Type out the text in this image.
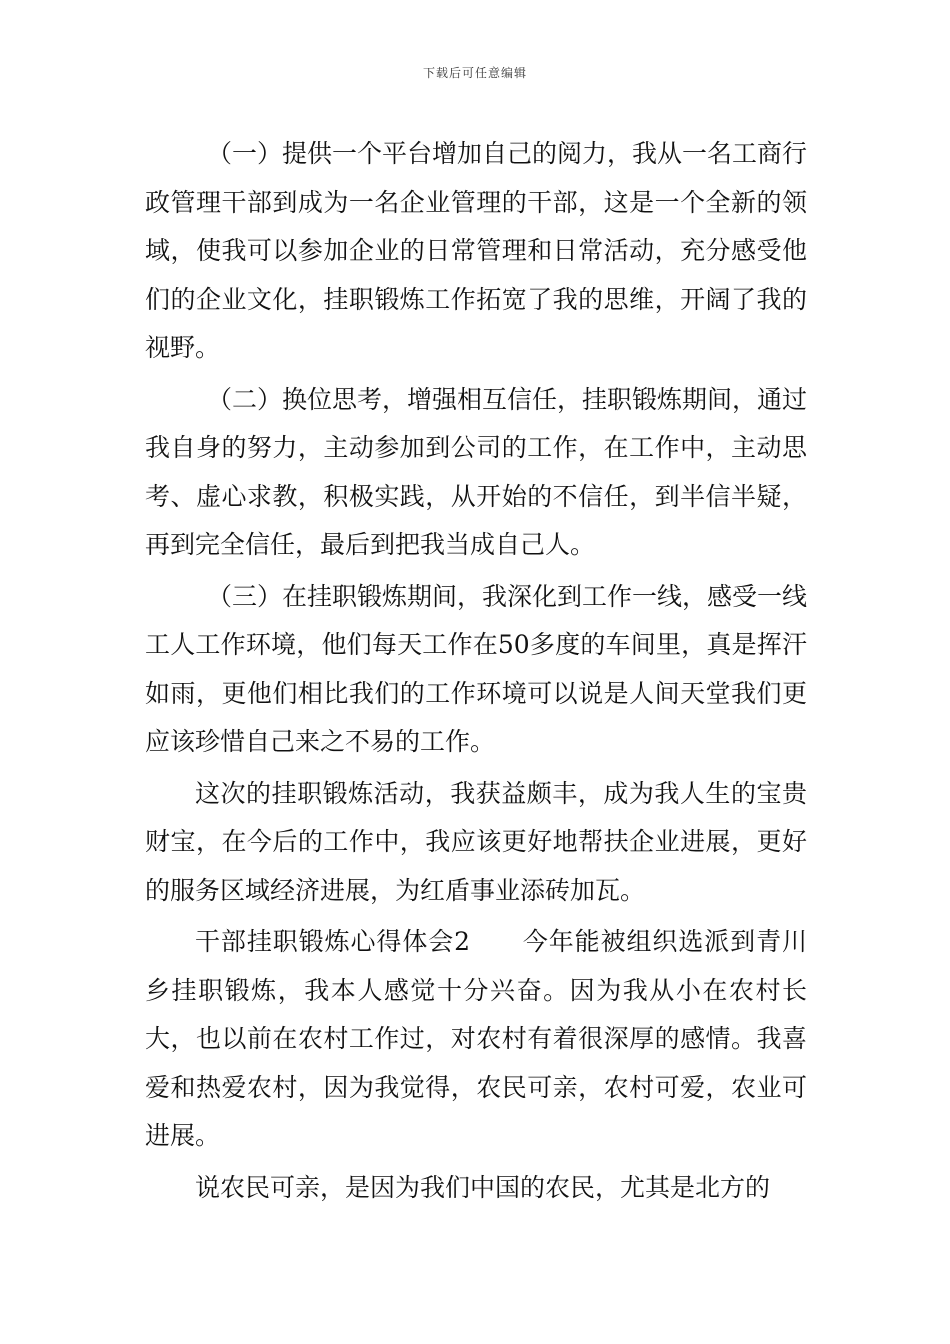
下载后可任意编辑

（一）提供一个平台增加自己的阅力，我从一名工商行政管理干部到成为一名企业管理的干部，这是一个全新的领域，使我可以参加企业的日常管理和日常活动，充分感受他们的企业文化，挂职锻炼工作拓宽了我的思维，开阔了我的视野。

（二）换位思考，增强相互信任，挂职锻炼期间，通过我自身的努力，主动参加到公司的工作，在工作中，主动思考、虚心求教，积极实践，从开始的不信任，到半信半疑，再到完全信任，最后到把我当成自己人。

（三）在挂职锻炼期间，我深化到工作一线，感受一线工人工作环境，他们每天工作在50多度的车间里，真是挥汗如雨，更他们相比我们的工作环境可以说是人间天堂我们更应该珍惜自己来之不易的工作。

这次的挂职锻炼活动，我获益颇丰，成为我人生的宝贵财宝，在今后的工作中，我应该更好地帮扶企业进展，更好的服务区域经济进展，为红盾事业添砖加瓦。

干部挂职锻炼心得体会2　　今年能被组织选派到青川乡挂职锻炼，我本人感觉十分兴奋。因为我从小在农村长大，也以前在农村工作过，对农村有着很深厚的感情。我喜爱和热爱农村，因为我觉得，农民可亲，农村可爱，农业可进展。

说农民可亲，是因为我们中国的农民，尤其是北方的
